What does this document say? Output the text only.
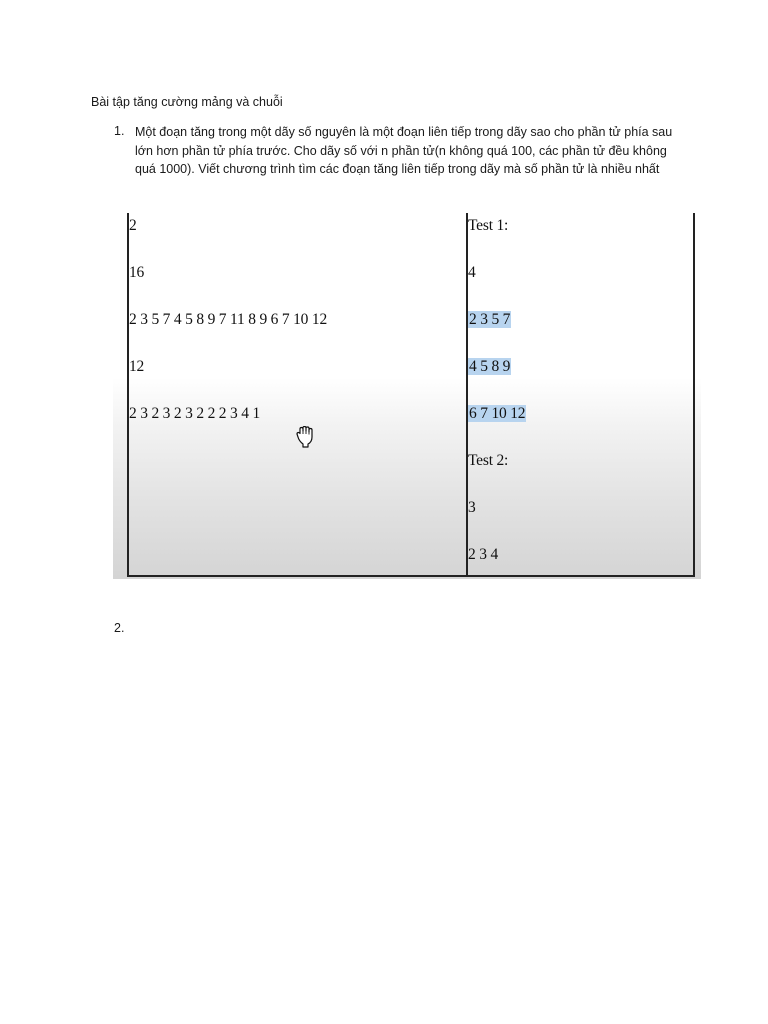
Bài tập tăng cường mảng và chuỗi
1. Một đoạn tăng trong một dãy số nguyên là một đoạn liên tiếp trong dãy sao cho phần tử phía sau lớn hơn phần tử phía trước. Cho dãy số với n phần tử(n không quá 100, các phần tử đều không quá 1000). Viết chương trình tìm các đoạn tăng liên tiếp trong dãy mà số phần tử là nhiều nhất
2
16
2 3 5 7 4 5 8 9 7 11 8 9 6 7 10 12
12
2 3 2 3 2 3 2 2 2 3 4 1
Test 1:
4
2 3 5 7
4 5 8 9
6 7 10 12
Test 2:
3
2 3 4
2.
